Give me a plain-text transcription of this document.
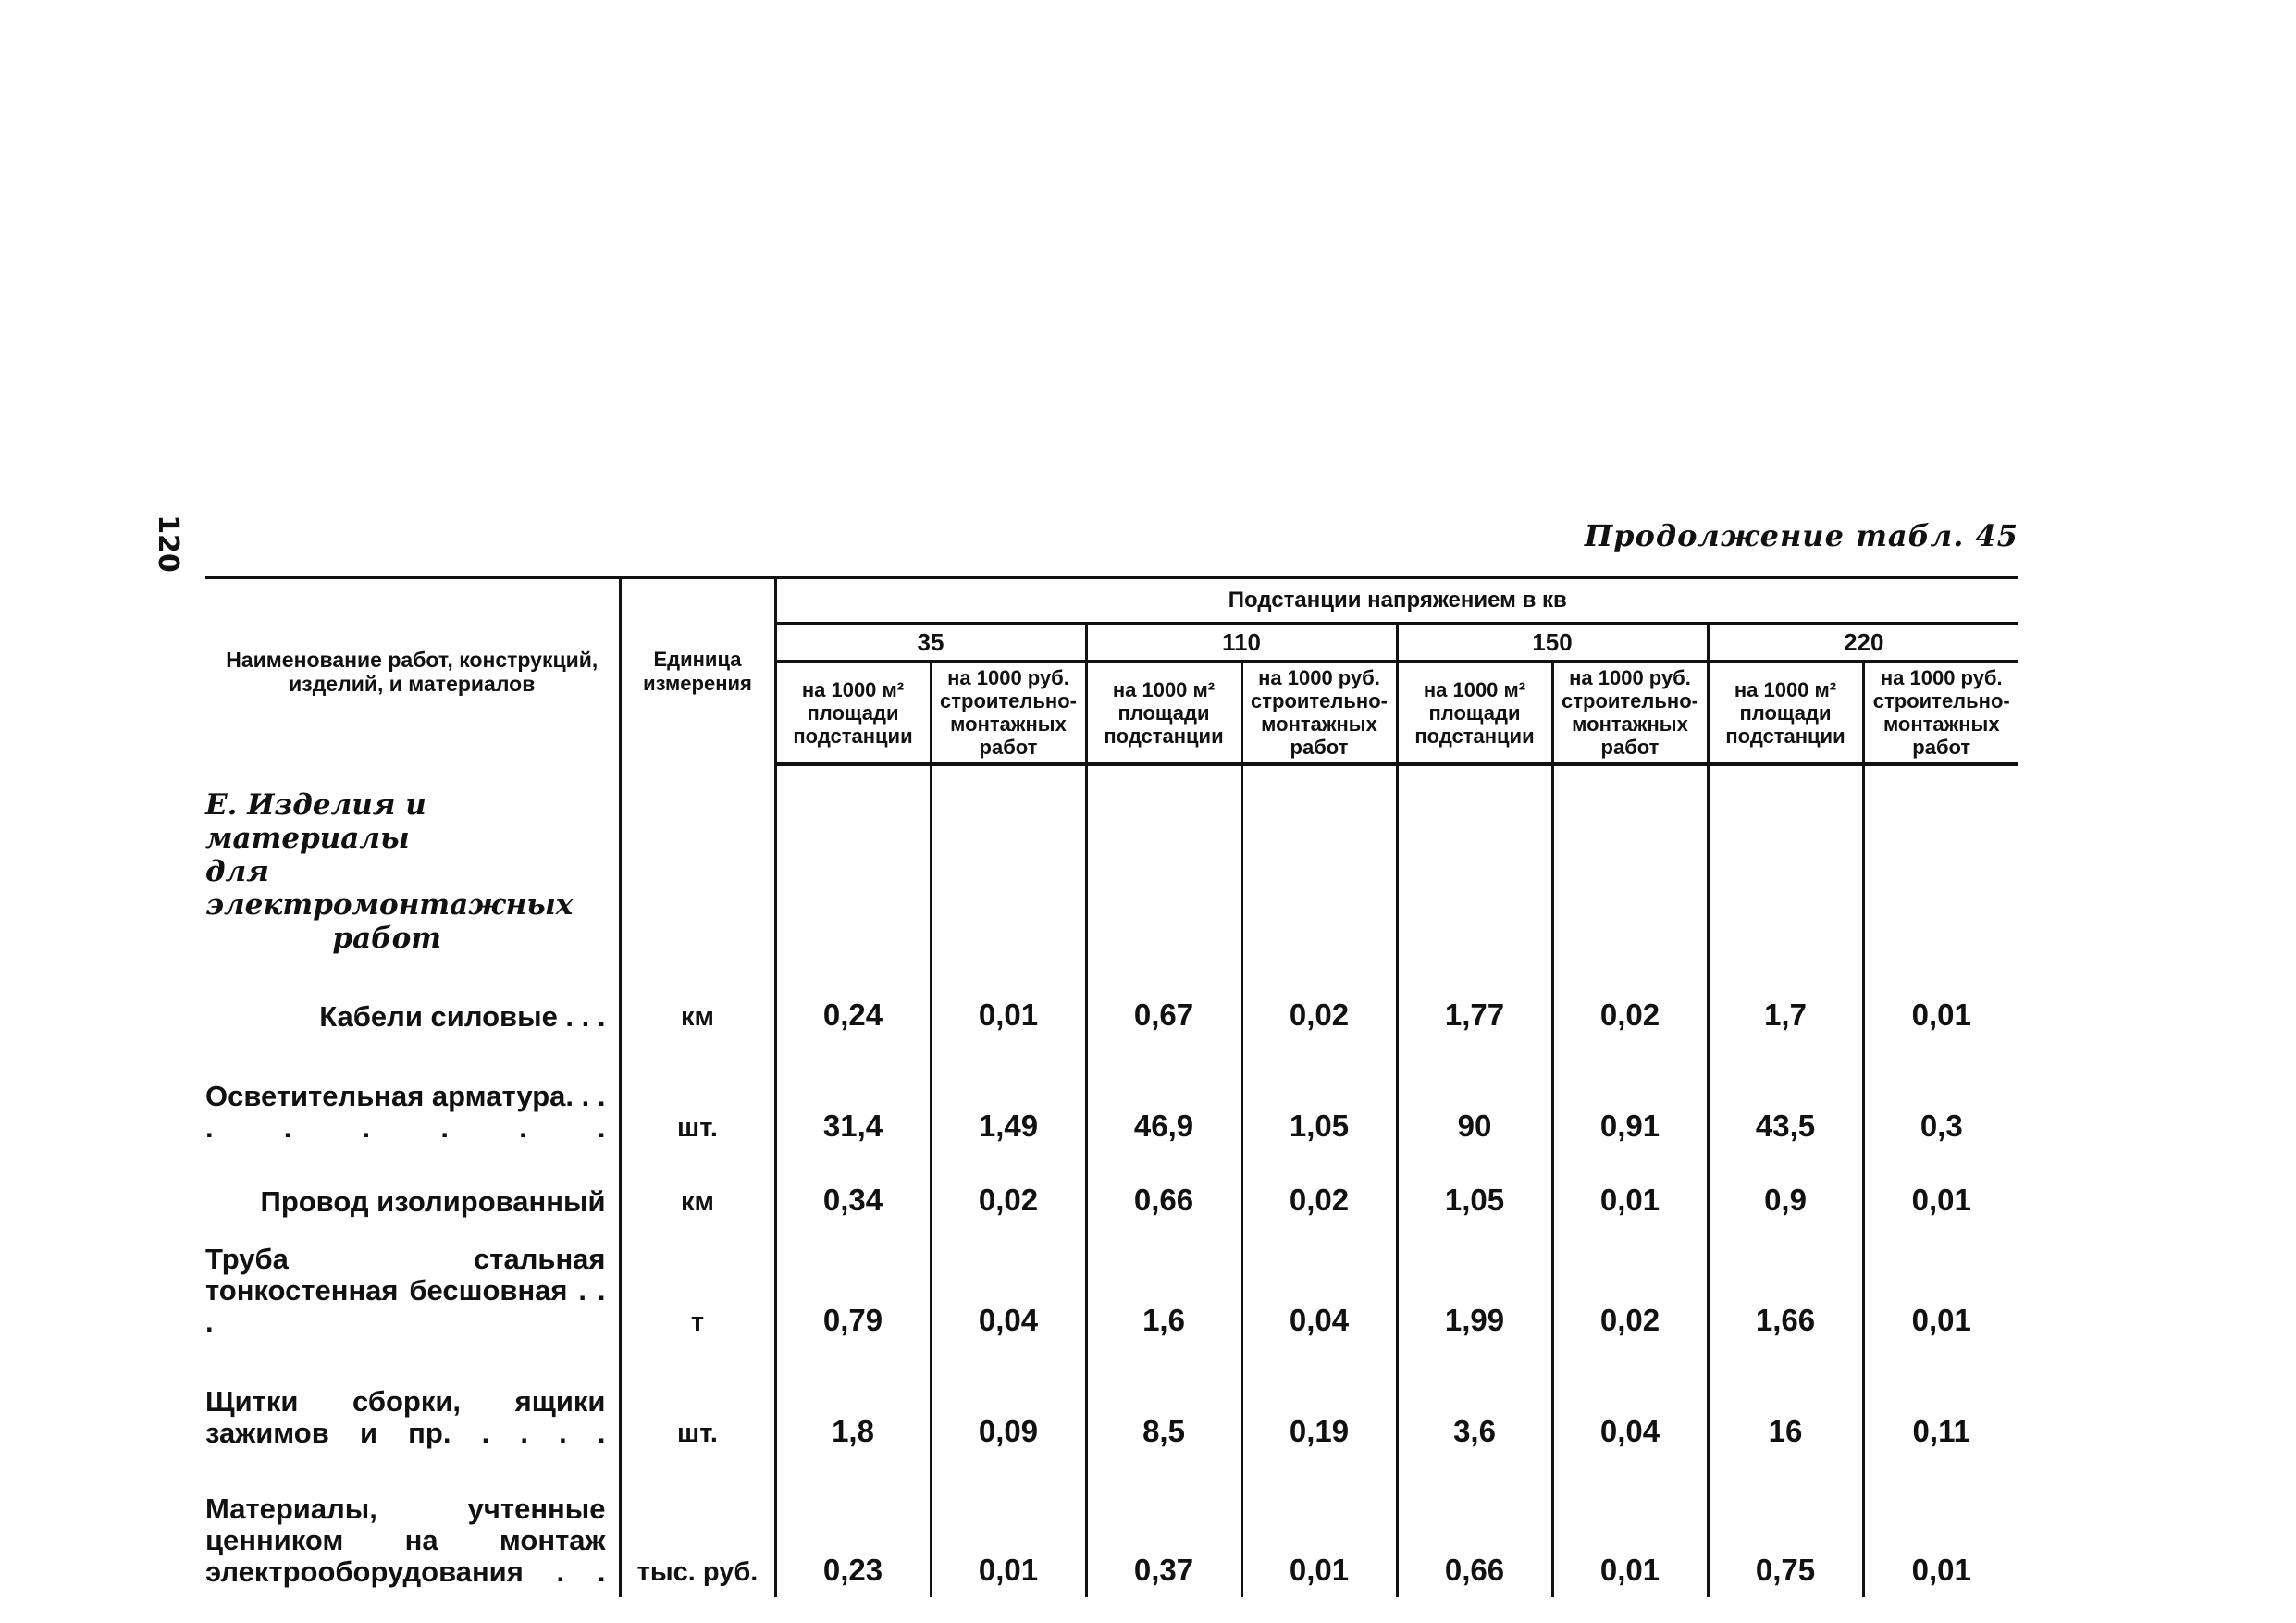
120	Продолжение табл. 45
Наименование работ, конструкций, изделий, и материалов	Единица измерения	Подстанции напряжением в кв							
		35		110		150		220	
		на 1000 м² площади подстанции	на 1000 руб. строительно-монтажных работ	на 1000 м² площади подстанции	на 1000 руб. строительно-монтажных работ	на 1000 м² площади подстанции	на 1000 руб. строительно-монтажных работ	на 1000 м² площади подстанции	на 1000 руб. строительно-монтажных работ

Е. Изделия и материалы
для электромонтажных
работ									

Кабели силовые . . .	км	0,24	0,01	0,67	0,02	1,77	0,02	1,7	0,01
Осветительная арматура. . . . . . . . .	шт.	31,4	1,49	46,9	1,05	90	0,91	43,5	0,3
Провод изолированный	км	0,34	0,02	0,66	0,02	1,05	0,01	0,9	0,01
Труба стальная тонкостенная бесшовная . . .	т	0,79	0,04	1,6	0,04	1,99	0,02	1,66	0,01
Щитки сборки, ящики зажимов и пр. . . . .	шт.	1,8	0,09	8,5	0,19	3,6	0,04	16	0,11
Материалы, учтенные ценником на монтаж электрооборудования . .	тыс. руб.	0,23	0,01	0,37	0,01	0,66	0,01	0,75	0,01
